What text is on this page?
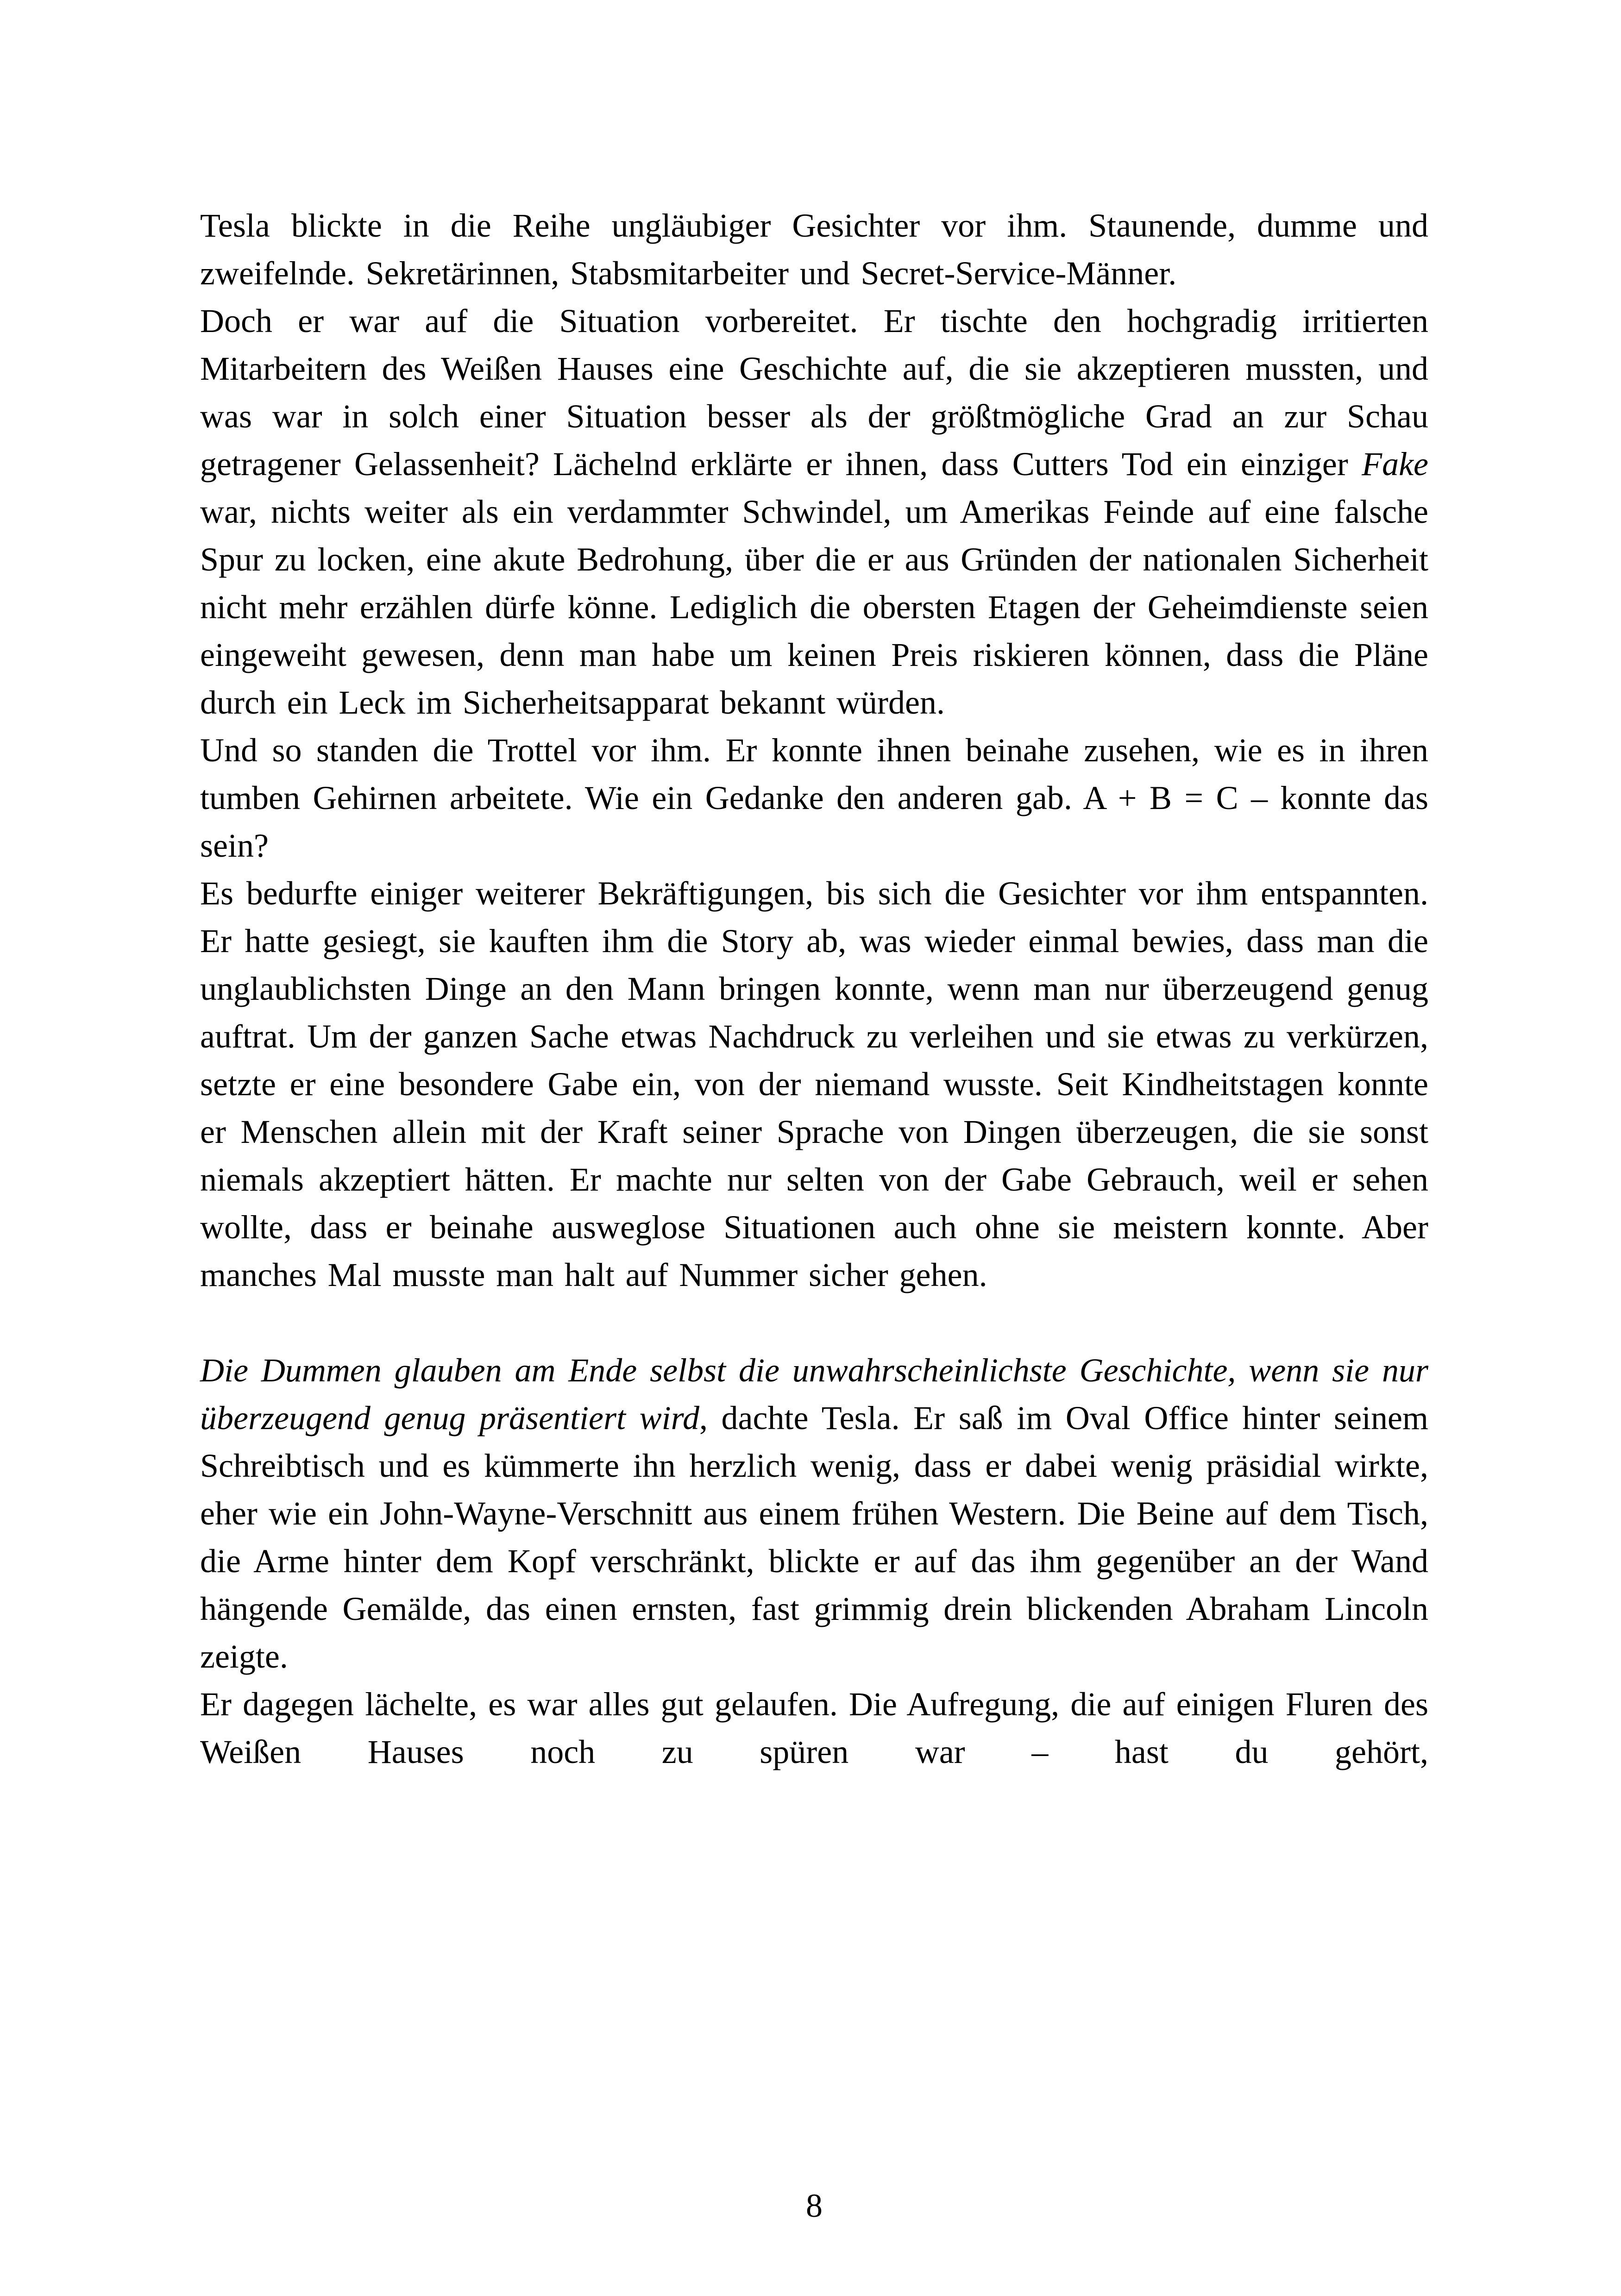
Tesla blickte in die Reihe ungläubiger Gesichter vor ihm. Staunende, dumme und zweifelnde. Sekretärinnen, Stabsmitarbeiter und Secret-Service-Männer.

Doch er war auf die Situation vorbereitet. Er tischte den hochgradig irritierten Mitarbeitern des Weißen Hauses eine Geschichte auf, die sie akzeptieren mussten, und was war in solch einer Situation besser als der größtmögliche Grad an zur Schau getragener Gelassenheit? Lächelnd erklärte er ihnen, dass Cutters Tod ein einziger Fake war, nichts weiter als ein verdammter Schwindel, um Amerikas Feinde auf eine falsche Spur zu locken, eine akute Bedrohung, über die er aus Gründen der nationalen Sicherheit nicht mehr erzählen dürfe könne. Lediglich die obersten Etagen der Geheimdienste seien eingeweiht gewesen, denn man habe um keinen Preis riskieren können, dass die Pläne durch ein Leck im Sicherheitsapparat bekannt würden.

Und so standen die Trottel vor ihm. Er konnte ihnen beinahe zusehen, wie es in ihren tumben Gehirnen arbeitete. Wie ein Gedanke den anderen gab. A + B = C – konnte das sein?

Es bedurfte einiger weiterer Bekräftigungen, bis sich die Gesichter vor ihm entspannten. Er hatte gesiegt, sie kauften ihm die Story ab, was wieder einmal bewies, dass man die unglaublichsten Dinge an den Mann bringen konnte, wenn man nur überzeugend genug auftrat. Um der ganzen Sache etwas Nachdruck zu verleihen und sie etwas zu verkürzen, setzte er eine besondere Gabe ein, von der niemand wusste. Seit Kindheitstagen konnte er Menschen allein mit der Kraft seiner Sprache von Dingen überzeugen, die sie sonst niemals akzeptiert hätten. Er machte nur selten von der Gabe Gebrauch, weil er sehen wollte, dass er beinahe ausweglose Situationen auch ohne sie meistern konnte. Aber manches Mal musste man halt auf Nummer sicher gehen.

Die Dummen glauben am Ende selbst die unwahrscheinlichste Geschichte, wenn sie nur überzeugend genug präsentiert wird, dachte Tesla. Er saß im Oval Office hinter seinem Schreibtisch und es kümmerte ihn herzlich wenig, dass er dabei wenig präsidial wirkte, eher wie ein John-Wayne-Verschnitt aus einem frühen Western. Die Beine auf dem Tisch, die Arme hinter dem Kopf verschränkt, blickte er auf das ihm gegenüber an der Wand hängende Gemälde, das einen ernsten, fast grimmig drein blickenden Abraham Lincoln zeigte.

Er dagegen lächelte, es war alles gut gelaufen. Die Aufregung, die auf einigen Fluren des Weißen Hauses noch zu spüren war – hast du gehört,

8
